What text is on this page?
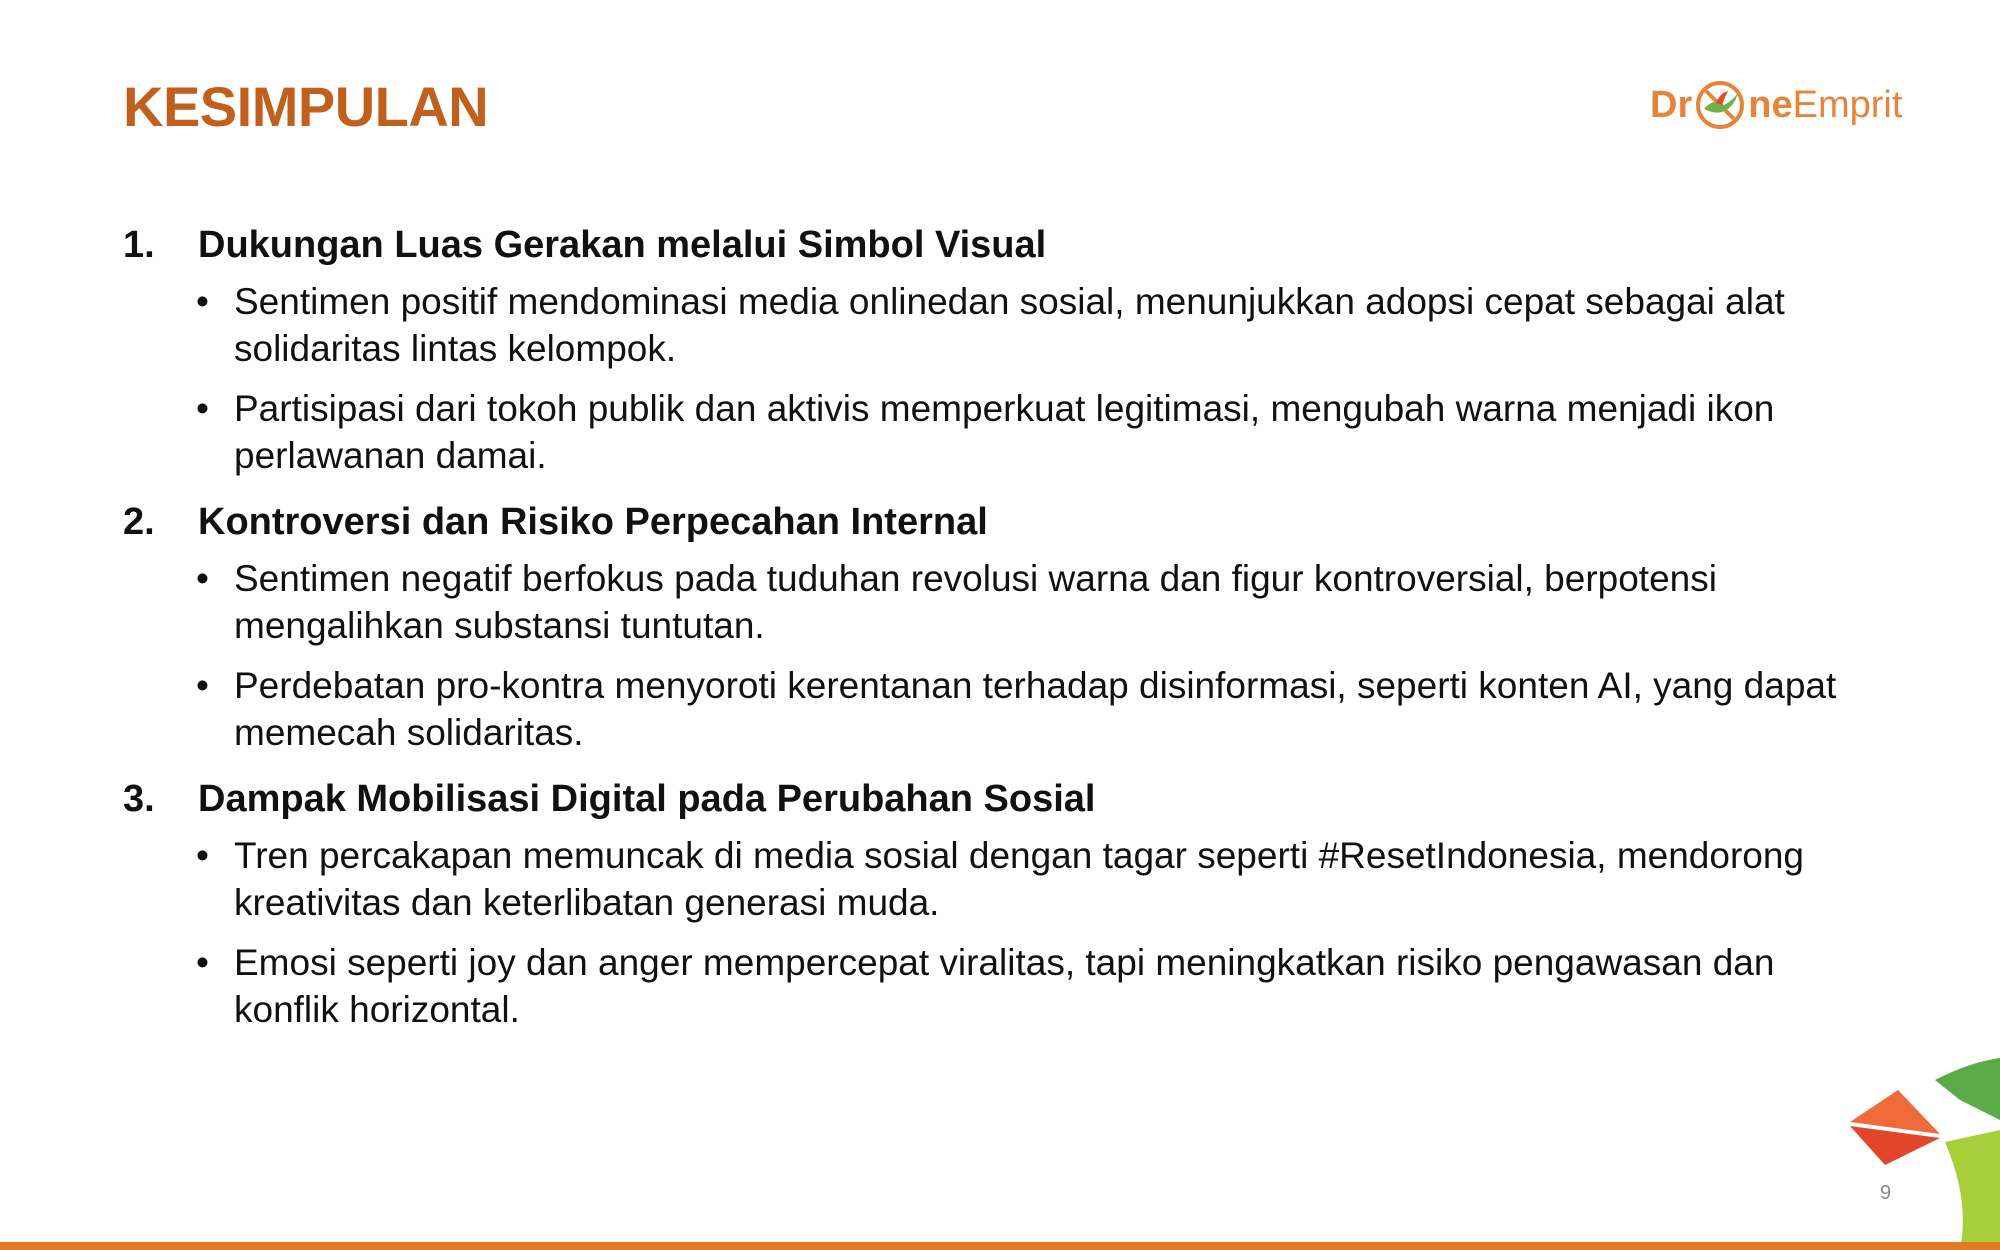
KESIMPULAN	Dr ne Emprit
1.	Dukungan Luas Gerakan melalui Simbol Visual
• Sentimen positif mendominasi media onlinedan sosial, menunjukkan adopsi cepat sebagai alat solidaritas lintas kelompok.
• Partisipasi dari tokoh publik dan aktivis memperkuat legitimasi, mengubah warna menjadi ikon perlawanan damai.
2.	Kontroversi dan Risiko Perpecahan Internal
• Sentimen negatif berfokus pada tuduhan revolusi warna dan figur kontroversial, berpotensi mengalihkan substansi tuntutan.
• Perdebatan pro-kontra menyoroti kerentanan terhadap disinformasi, seperti konten AI, yang dapat memecah solidaritas.
3.	Dampak Mobilisasi Digital pada Perubahan Sosial
• Tren percakapan memuncak di media sosial dengan tagar seperti #ResetIndonesia, mendorong kreativitas dan keterlibatan generasi muda.
• Emosi seperti joy dan anger mempercepat viralitas, tapi meningkatkan risiko pengawasan dan konflik horizontal.
9
